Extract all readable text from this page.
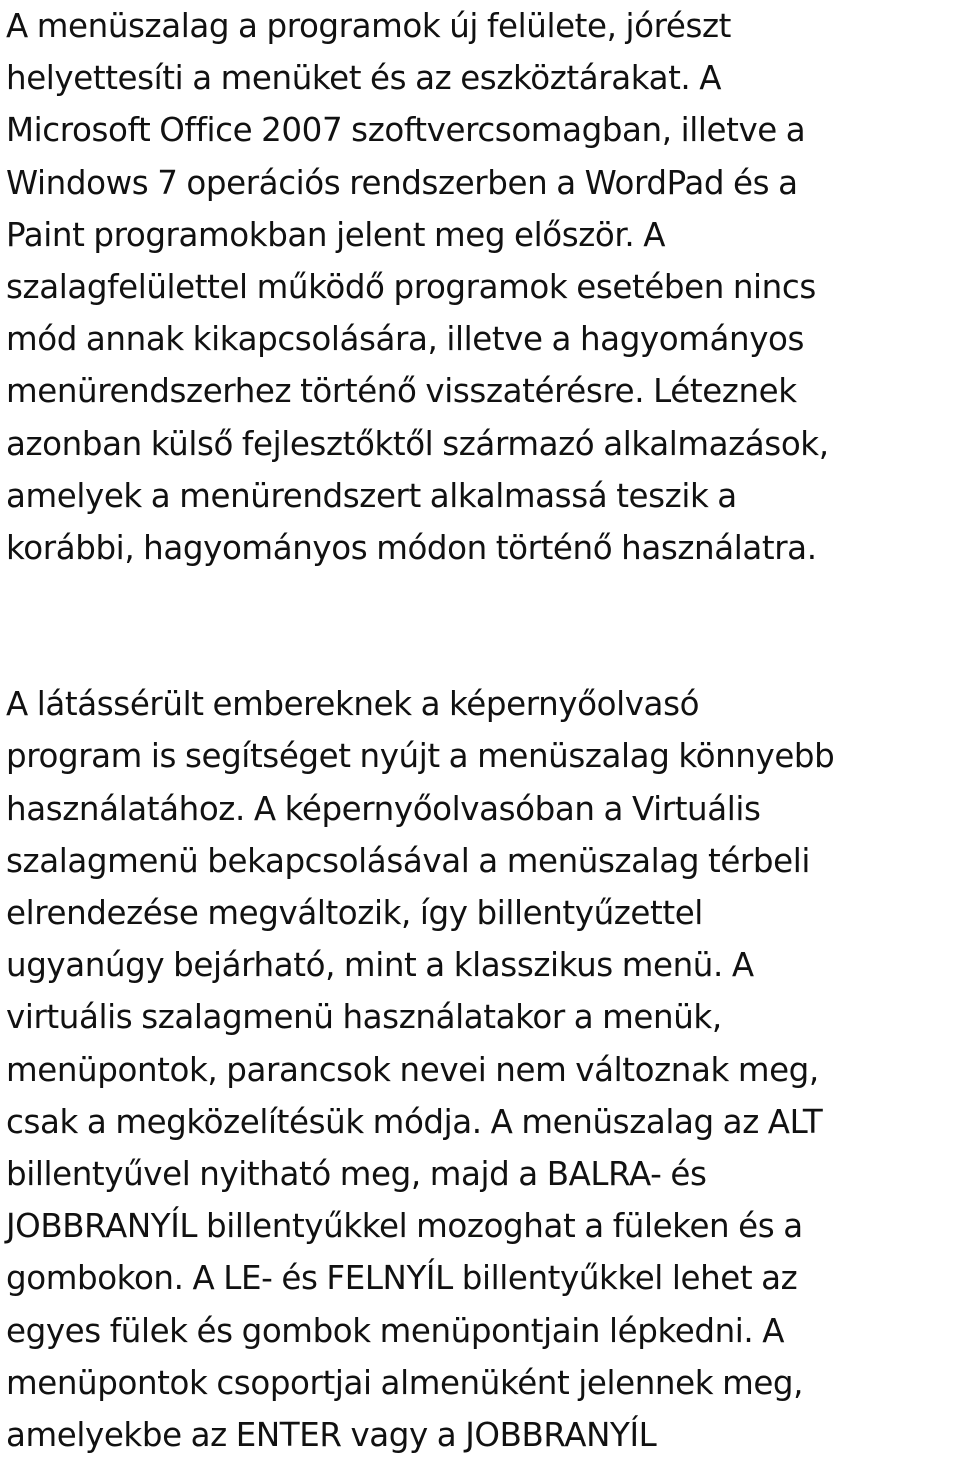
A menüszalag a programok új felülete, jórészt
helyettesíti a menüket és az eszköztárakat. A
Microsoft Office 2007 szoftvercsomagban, illetve a
Windows 7 operációs rendszerben a WordPad és a
Paint programokban jelent meg először. A
szalagfelülettel működő programok esetében nincs
mód annak kikapcsolására, illetve a hagyományos
menürendszerhez történő visszatérésre. Léteznek
azonban külső fejlesztőktől származó alkalmazások,
amelyek a menürendszert alkalmassá teszik a
korábbi, hagyományos módon történő használatra.

A látássérült embereknek a képernyőolvasó
program is segítséget nyújt a menüszalag könnyebb
használatához. A képernyőolvasóban a Virtuális
szalagmenü bekapcsolásával a menüszalag térbeli
elrendezése megváltozik, így billentyűzettel
ugyanúgy bejárható, mint a klasszikus menü. A
virtuális szalagmenü használatakor a menük,
menüpontok, parancsok nevei nem változnak meg,
csak a megközelítésük módja. A menüszalag az ALT
billentyűvel nyitható meg, majd a BALRA- és
JOBBRANYÍL billentyűkkel mozoghat a füleken és a
gombokon. A LE- és FELNYÍL billentyűkkel lehet az
egyes fülek és gombok menüpontjain lépkedni. A
menüpontok csoportjai almenüként jelennek meg,
amelyekbe az ENTER vagy a JOBBRANYÍL
